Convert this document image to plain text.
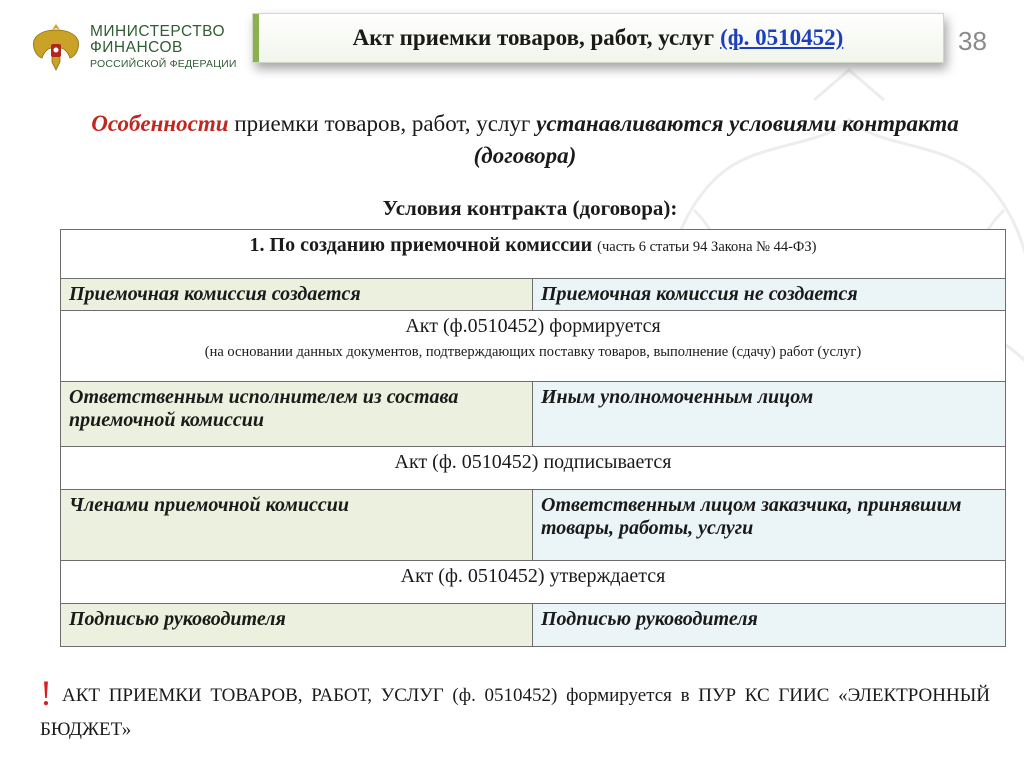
МИНИСТЕРСТВО
ФИНАНСОВ
РОССИЙСКОЙ ФЕДЕРАЦИИ
Акт приемки товаров, работ, услуг (ф. 0510452)	38
Особенности приемки товаров, работ, услуг устанавливаются условиями контракта (договора)
Условия контракта (договора):
1. По созданию приемочной комиссии (часть 6 статьи 94 Закона № 44-ФЗ)	
Приемочная комиссия создается	Приемочная комиссия не создается
Акт (ф.0510452) формируется
(на основании данных документов, подтверждающих поставку товаров, выполнение (сдачу) работ (услуг)	

Ответственным исполнителем из состава приемочной комиссии	Иным уполномоченным лицом
Акт (ф. 0510452) подписывается	
Членами приемочной комиссии	Ответственным лицом заказчика, принявшим товары, работы, услуги
Акт (ф. 0510452) утверждается	
Подписью руководителя	Подписью руководителя
! АКТ ПРИЕМКИ ТОВАРОВ, РАБОТ, УСЛУГ (ф. 0510452) формируется в ПУР КС ГИИС «ЭЛЕКТРОННЫЙ БЮДЖЕТ»
